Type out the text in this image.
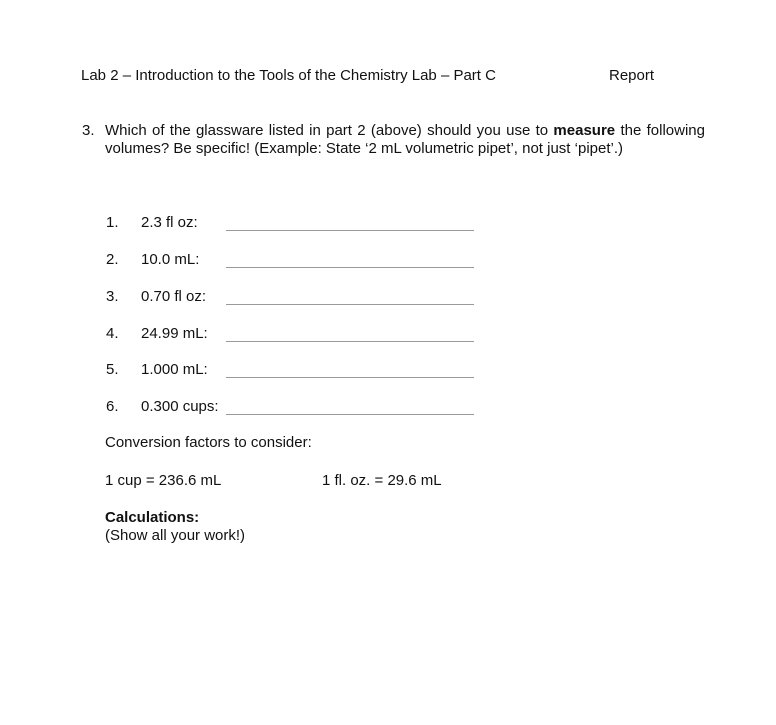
Lab 2 – Introduction to the Tools of the Chemistry Lab – Part C	Report
3. Which of the glassware listed in part 2 (above) should you use to measure the following volumes? Be specific! (Example: State ‘2 mL volumetric pipet’, not just ‘pipet’.)
1. 2.3 fl oz:
2. 10.0 mL:
3. 0.70 fl oz:
4. 24.99 mL:
5. 1.000 mL:
6. 0.300 cups:
Conversion factors to consider:
1 cup = 236.6 mL	1 fl. oz. = 29.6 mL
Calculations:
(Show all your work!)
